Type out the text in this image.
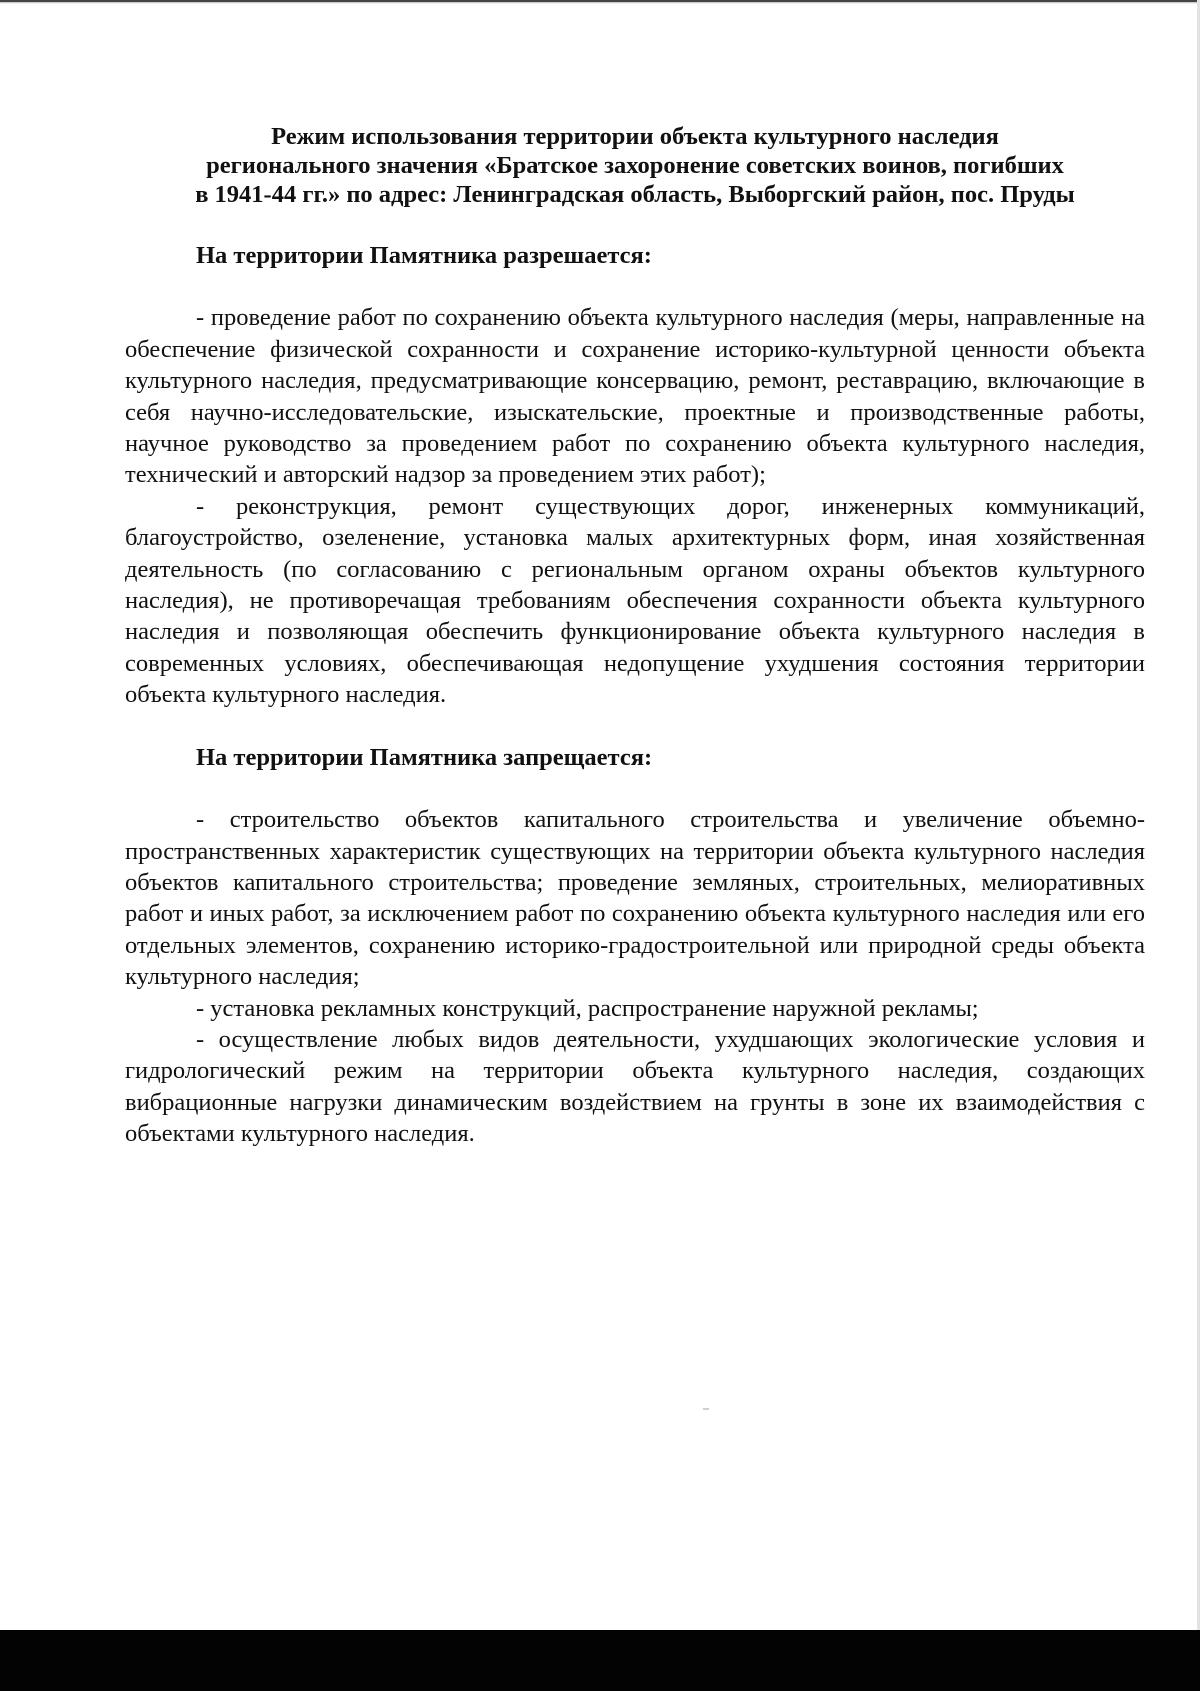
Режим использования территории объекта культурного наследия
регионального значения «Братское захоронение советских воинов, погибших
в 1941-44 гг.» по адрес: Ленинградская область, Выборгский район, пос. Пруды
На территории Памятника разрешается:

- проведение работ по сохранению объекта культурного наследия (меры, направленные на обеспечение физической сохранности и сохранение историко-культурной ценности объекта культурного наследия, предусматривающие консервацию, ремонт, реставрацию, включающие в себя научно-исследовательские, изыскательские, проектные и производственные работы, научное руководство за проведением работ по сохранению объекта культурного наследия, технический и авторский надзор за проведением этих работ);

- реконструкция, ремонт существующих дорог, инженерных коммуникаций, благоустройство, озеленение, установка малых архитектурных форм, иная хозяйственная деятельность (по согласованию с региональным органом охраны объектов культурного наследия), не противоречащая требованиям обеспечения сохранности объекта культурного наследия и позволяющая обеспечить функционирование объекта культурного наследия в современных условиях, обеспечивающая недопущение ухудшения состояния территории объекта культурного наследия.

На территории Памятника запрещается:

- строительство объектов капитального строительства и увеличение объемно-пространственных характеристик существующих на территории объекта культурного наследия объектов капитального строительства; проведение земляных, строительных, мелиоративных работ и иных работ, за исключением работ по сохранению объекта культурного наследия или его отдельных элементов, сохранению историко-градостроительной или природной среды объекта культурного наследия;

- установка рекламных конструкций, распространение наружной рекламы;

- осуществление любых видов деятельности, ухудшающих экологические условия и гидрологический режим на территории объекта культурного наследия, создающих вибрационные нагрузки динамическим воздействием на грунты в зоне их взаимодействия с объектами культурного наследия.
